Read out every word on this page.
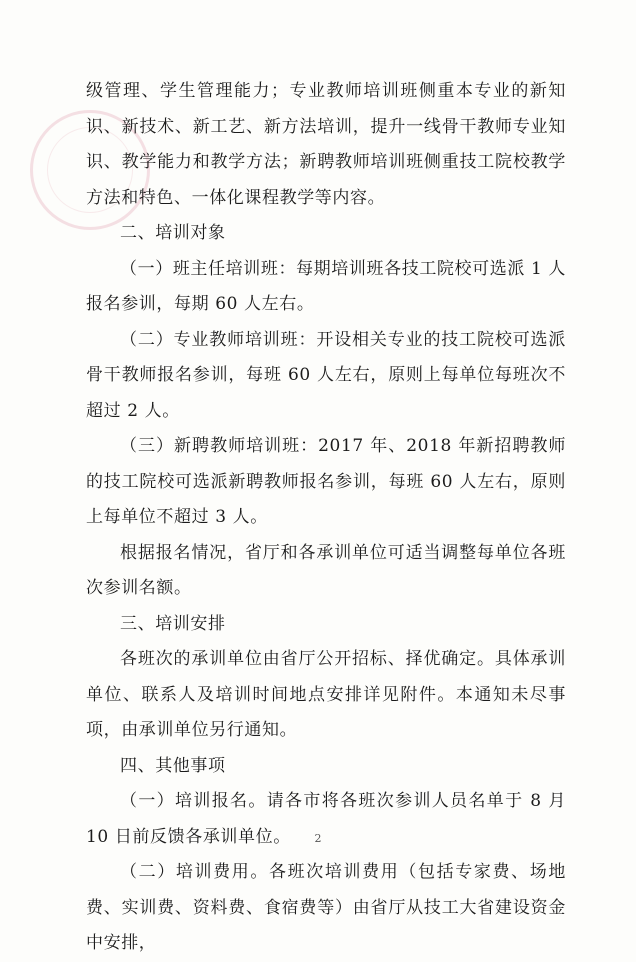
级管理、学生管理能力；专业教师培训班侧重本专业的新知识、新技术、新工艺、新方法培训，提升一线骨干教师专业知识、教学能力和教学方法；新聘教师培训班侧重技工院校教学方法和特色、一体化课程教学等内容。

二、培训对象

（一）班主任培训班：每期培训班各技工院校可选派 1 人报名参训，每期 60 人左右。

（二）专业教师培训班：开设相关专业的技工院校可选派骨干教师报名参训，每班 60 人左右，原则上每单位每班次不超过 2 人。

（三）新聘教师培训班：2017 年、2018 年新招聘教师的技工院校可选派新聘教师报名参训，每班 60 人左右，原则上每单位不超过 3 人。

根据报名情况，省厅和各承训单位可适当调整每单位各班次参训名额。

三、培训安排

各班次的承训单位由省厅公开招标、择优确定。具体承训单位、联系人及培训时间地点安排详见附件。本通知未尽事项，由承训单位另行通知。

四、其他事项

（一）培训报名。请各市将各班次参训人员名单于 8 月 10 日前反馈各承训单位。

（二）培训费用。各班次培训费用（包括专家费、场地费、实训费、资料费、食宿费等）由省厅从技工大省建设资金中安排，

2
